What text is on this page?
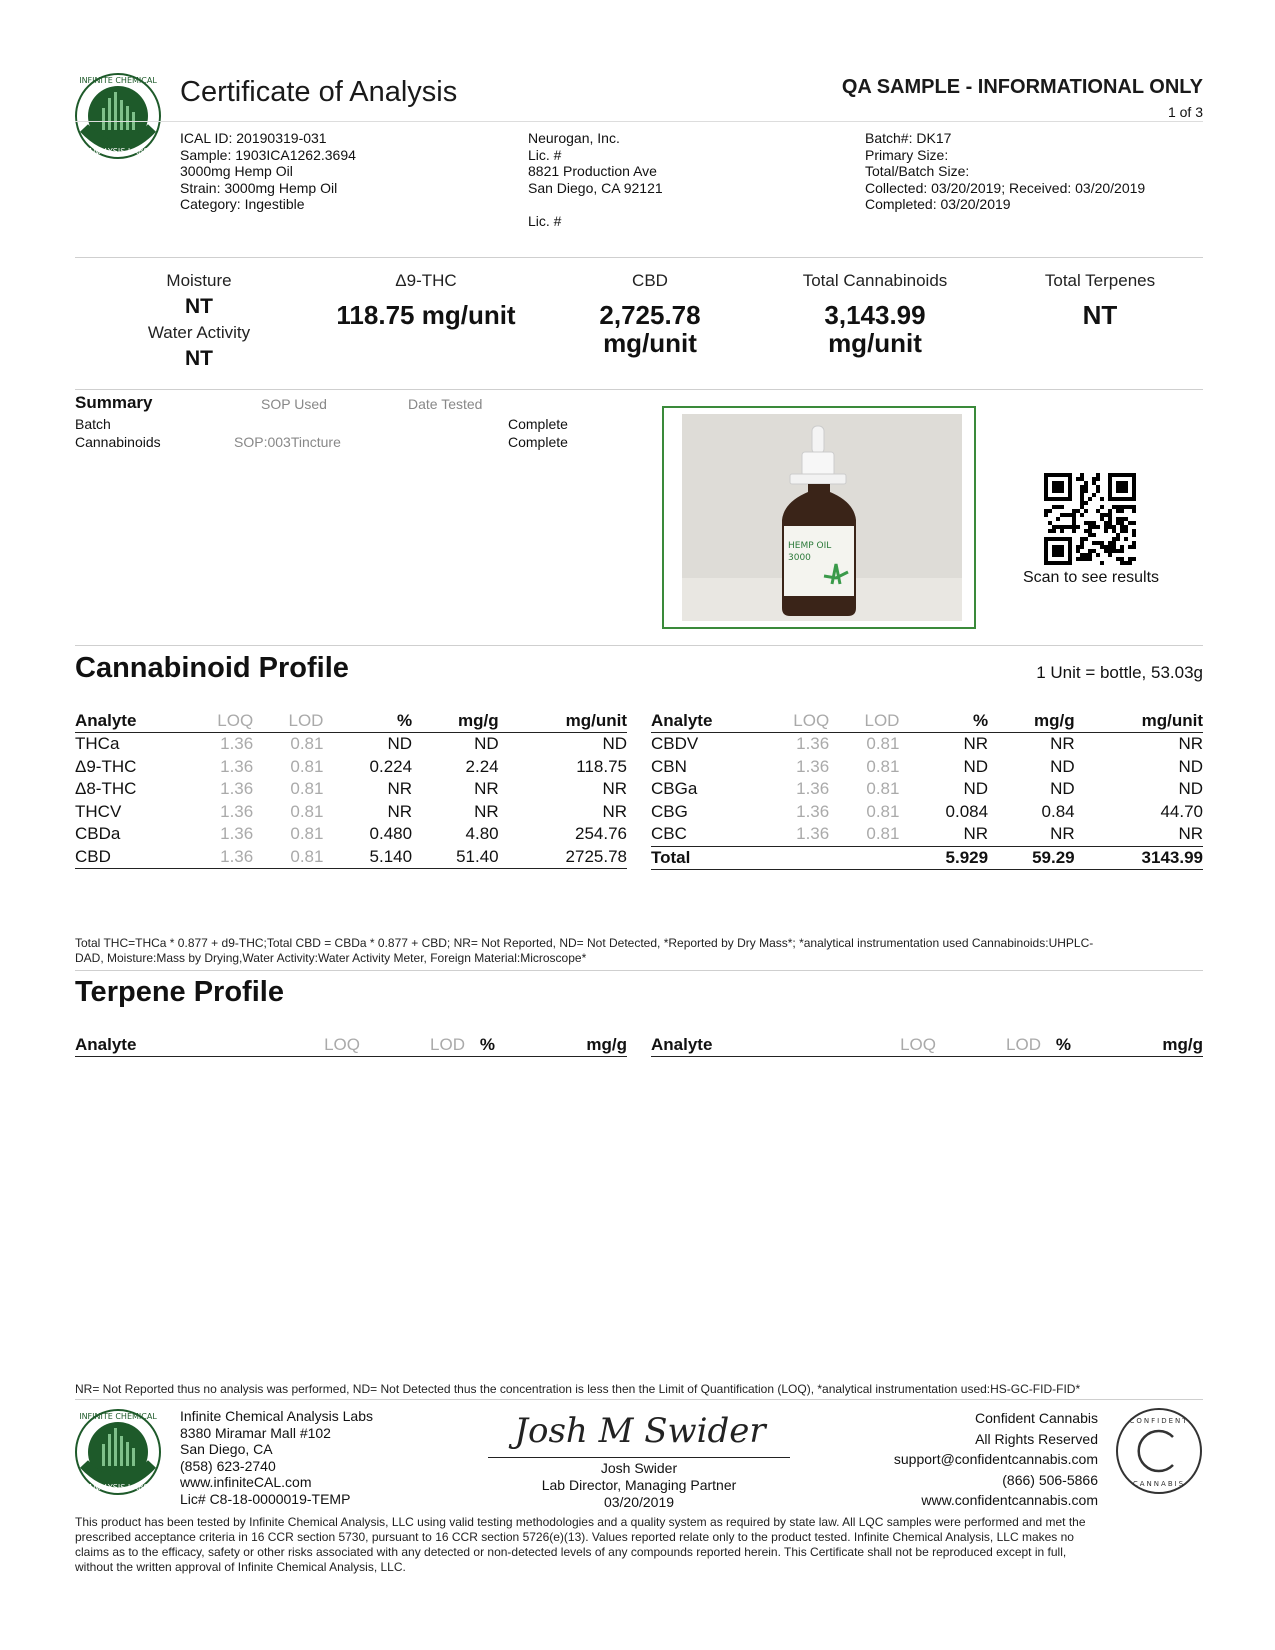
ANALYSIS LABS
INFINITE CHEMICAL Certificate of Analysis	QA SAMPLE - INFORMATIONAL ONLY
1 of 3
ICAL ID: 20190319-031
Sample: 1903ICA1262.3694
3000mg Hemp Oil
Strain: 3000mg Hemp Oil
Category: Ingestible
Neurogan, Inc.
Lic. #
8821 Production Ave
San Diego, CA 92121
Lic. #
Batch#: DK17
Primary Size:
Total/Batch Size:
Collected: 03/20/2019; Received: 03/20/2019
Completed: 03/20/2019
Moisture
NT
Water Activity
NT
Δ9-THC
118.75 mg/unit
CBD
2,725.78
mg/unit
Total Cannabinoids
3,143.99
mg/unit
Total Terpenes
NT
Summary	SOP Used	Date Tested
Batch	Complete
Cannabinoids	SOP:003Tincture	Complete
HEMP OIL
3000
Scan to see results
Cannabinoid Profile	1 Unit = bottle, 53.03g
Analyte	LOQ	LOD	%	mg/g	mg/unit
THCa	1.36	0.81	ND	ND	ND
Δ9-THC	1.36	0.81	0.224	2.24	118.75
Δ8-THC	1.36	0.81	NR	NR	NR
THCV	1.36	0.81	NR	NR	NR
CBDa	1.36	0.81	0.480	4.80	254.76
CBD	1.36	0.81	5.140	51.40	2725.78
Analyte	LOQ	LOD	%	mg/g	mg/unit
CBDV	1.36	0.81	NR	NR	NR
CBN	1.36	0.81	ND	ND	ND
CBGa	1.36	0.81	ND	ND	ND
CBG	1.36	0.81	0.084	0.84	44.70
CBC	1.36	0.81	NR	NR	NR
Total			5.929	59.29	3143.99
Total THC=THCa * 0.877 + d9-THC;Total CBD = CBDa * 0.877 + CBD; NR= Not Reported, ND= Not Detected, *Reported by Dry Mass*; *analytical instrumentation used Cannabinoids:UHPLC-
DAD, Moisture:Mass by Drying,Water Activity:Water Activity Meter, Foreign Material:Microscope*
Terpene Profile
Analyte	LOQ	LOD	%	mg/g Analyte	LOQ	LOD	%	mg/g
NR= Not Reported thus no analysis was performed, ND= Not Detected thus the concentration is less then the Limit of Quantification (LOQ), *analytical instrumentation used:HS-GC-FID-FID*
ANALYSIS LABS
INFINITE CHEMICAL Infinite Chemical Analysis Labs
8380 Miramar Mall #102
San Diego, CA
(858) 623-2740
www.infiniteCAL.com
Lic# C8-18-0000019-TEMP
Josh M Swider
Josh Swider
Lab Director, Managing Partner
03/20/2019
Confident Cannabis
All Rights Reserved
support@confidentcannabis.com
(866) 506-5866
www.confidentcannabis.com
CONFIDENT
CANNABIS
This product has been tested by Infinite Chemical Analysis, LLC using valid testing methodologies and a quality system as required by state law. All LQC samples were performed and met the
prescribed acceptance criteria in 16 CCR section 5730, pursuant to 16 CCR section 5726(e)(13). Values reported relate only to the product tested. Infinite Chemical Analysis, LLC makes no
claims as to the efficacy, safety or other risks associated with any detected or non-detected levels of any compounds reported herein. This Certificate shall not be reproduced except in full,
without the written approval of Infinite Chemical Analysis, LLC.
